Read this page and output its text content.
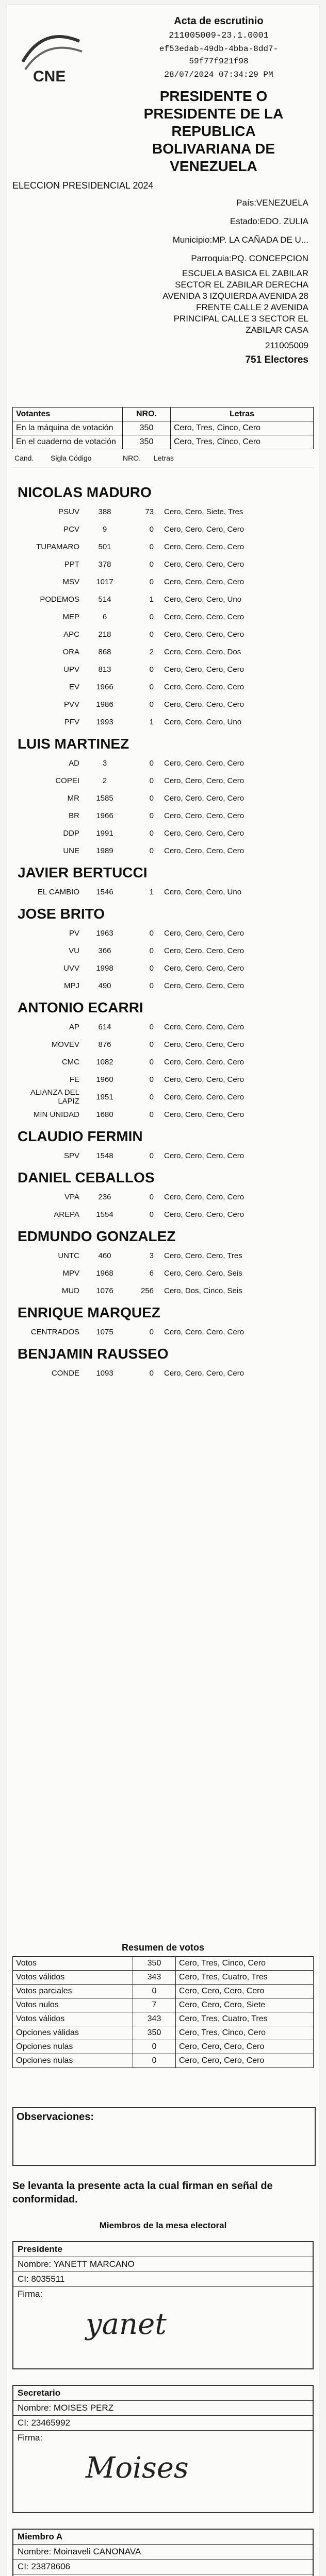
Acta de escrutinio
211005009-23.1.0001
ef53edab-49db-4bba-8dd7-
59f77f921f98
28/07/2024 07:34:29 PM
CNE
PRESIDENTE O
PRESIDENTE DE LA
REPUBLICA
BOLIVARIANA DE
VENEZUELA
ELECCION PRESIDENCIAL 2024
País:VENEZUELA
Estado:EDO. ZULIA
Municipio:MP. LA CAÑADA DE U...
Parroquia:PQ. CONCEPCION
ESCUELA BASICA EL ZABILAR
SECTOR EL ZABILAR DERECHA
AVENIDA 3 IZQUIERDA AVENIDA 28
FRENTE CALLE 2 AVENIDA
PRINCIPAL CALLE 3 SECTOR EL
ZABILAR CASA
211005009
751 Electores
Votantes	NRO.	Letras
En la máquina de votación	350	Cero, Tres, Cinco, Cero
En el cuaderno de votación	350	Cero, Tres, Cinco, Cero
Cand.	Sigla Código	NRO.	Letras
NICOLAS MADURO
PSUV	388	73	Cero, Cero, Siete, Tres
PCV	9	0	Cero, Cero, Cero, Cero
TUPAMARO	501	0	Cero, Cero, Cero, Cero
PPT	378	0	Cero, Cero, Cero, Cero
MSV	1017	0	Cero, Cero, Cero, Cero
PODEMOS	514	1	Cero, Cero, Cero, Uno
MEP	6	0	Cero, Cero, Cero, Cero
APC	218	0	Cero, Cero, Cero, Cero
ORA	868	2	Cero, Cero, Cero, Dos
UPV	813	0	Cero, Cero, Cero, Cero
EV	1966	0	Cero, Cero, Cero, Cero
PVV	1986	0	Cero, Cero, Cero, Cero
PFV	1993	1	Cero, Cero, Cero, Uno
LUIS MARTINEZ
AD	3	0	Cero, Cero, Cero, Cero
COPEI	2	0	Cero, Cero, Cero, Cero
MR	1585	0	Cero, Cero, Cero, Cero
BR	1966	0	Cero, Cero, Cero, Cero
DDP	1991	0	Cero, Cero, Cero, Cero
UNE	1989	0	Cero, Cero, Cero, Cero
JAVIER BERTUCCI
EL CAMBIO	1546	1	Cero, Cero, Cero, Uno
JOSE BRITO
PV	1963	0	Cero, Cero, Cero, Cero
VU	366	0	Cero, Cero, Cero, Cero
UVV	1998	0	Cero, Cero, Cero, Cero
MPJ	490	0	Cero, Cero, Cero, Cero
ANTONIO ECARRI
AP	614	0	Cero, Cero, Cero, Cero
MOVEV	876	0	Cero, Cero, Cero, Cero
CMC	1082	0	Cero, Cero, Cero, Cero
FE	1960	0	Cero, Cero, Cero, Cero
ALIANZA DEL LAPIZ	1951	0	Cero, Cero, Cero, Cero
MIN UNIDAD	1680	0	Cero, Cero, Cero, Cero
CLAUDIO FERMIN
SPV	1548	0	Cero, Cero, Cero, Cero
DANIEL CEBALLOS
VPA	236	0	Cero, Cero, Cero, Cero
AREPA	1554	0	Cero, Cero, Cero, Cero
EDMUNDO GONZALEZ
UNTC	460	3	Cero, Cero, Cero, Tres
MPV	1968	6	Cero, Cero, Cero, Seis
MUD	1076	256	Cero, Dos, Cinco, Seis
ENRIQUE MARQUEZ
CENTRADOS	1075	0	Cero, Cero, Cero, Cero
BENJAMIN RAUSSEO
CONDE	1093	0	Cero, Cero, Cero, Cero
Resumen de votos
Votos	350	Cero, Tres, Cinco, Cero
Votos válidos	343	Cero, Tres, Cuatro, Tres
Votos parciales	0	Cero, Cero, Cero, Cero
Votos nulos	7	Cero, Cero, Cero, Siete
Votos válidos	343	Cero, Tres, Cuatro, Tres
Opciones válidas	350	Cero, Tres, Cinco, Cero
Opciones nulas	0	Cero, Cero, Cero, Cero
Opciones nulas	0	Cero, Cero, Cero, Cero
Observaciones:
Se levanta la presente acta la cual firman en señal de conformidad.
Miembros de la mesa electoral
Presidente
Nombre: YANETT MARCANO
CI: 8035511
Firma:
yanet
Secretario
Nombre: MOISES PERZ
CI: 23465992
Firma:
Moises
Miembro A
Nombre: Moinaveli CANONAVA
CI: 23878606
